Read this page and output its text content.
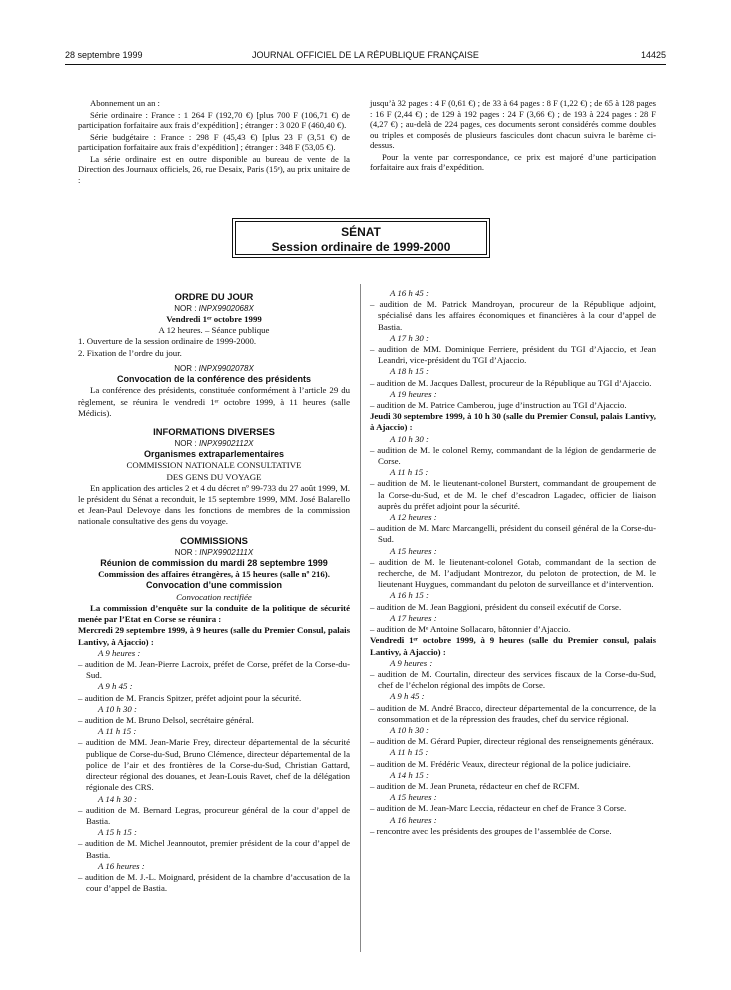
28 septembre 1999	JOURNAL OFFICIEL DE LA RÉPUBLIQUE FRANÇAISE	14425

Abonnement un an :

Série ordinaire : France : 1 264 F (192,70 €) [plus 700 F (106,71 €) de participation forfaitaire aux frais d’expédition] ; étranger : 3 020 F (460,40 €).

Série budgétaire : France : 298 F (45,43 €) [plus 23 F (3,51 €) de participation forfaitaire aux frais d’expédition] ; étranger : 348 F (53,05 €).

La série ordinaire est en outre disponible au bureau de vente de la Direction des Journaux officiels, 26, rue Desaix, Paris (15ᵉ), au prix unitaire de :

jusqu’à 32 pages : 4 F (0,61 €) ; de 33 à 64 pages : 8 F (1,22 €) ; de 65 à 128 pages : 16 F (2,44 €) ; de 129 à 192 pages : 24 F (3,66 €) ; de 193 à 224 pages : 28 F (4,27 €) ; au-delà de 224 pages, ces documents seront considérés comme doubles ou triples et composés de plusieurs fascicules dont chacun suivra le barème ci-dessus.

Pour la vente par correspondance, ce prix est majoré d’une participation forfaitaire aux frais d’expédition.

SÉNAT
Session ordinaire de 1999-2000
ORDRE DU JOUR
NOR : INPX9902068X
Vendredi 1ᵉʳ octobre 1999
A 12 heures. – Séance publique
1. Ouverture de la session ordinaire de 1999-2000.
2. Fixation de l’ordre du jour.
NOR : INPX9902078X
Convocation de la conférence des présidents
La conférence des présidents, constituée conformément à l’article 29 du règlement, se réunira le vendredi 1ᵉʳ octobre 1999, à 11 heures (salle Médicis).
INFORMATIONS DIVERSES
NOR : INPX9902112X
Organismes extraparlementaires
COMMISSION NATIONALE CONSULTATIVE
DES GENS DU VOYAGE
En application des articles 2 et 4 du décret nº 99-733 du 27 août 1999, M. le président du Sénat a reconduit, le 15 septembre 1999, MM. José Balarello et Jean-Paul Delevoye dans les fonctions de membres de la commission nationale consultative des gens du voyage.
COMMISSIONS
NOR : INPX9902111X
Réunion de commission du mardi 28 septembre 1999
Commission des affaires étrangères, à 15 heures (salle nº 216).
Convocation d’une commission
Convocation rectifiée
La commission d’enquête sur la conduite de la politique de sécurité menée par l’Etat en Corse se réunira :
Mercredi 29 septembre 1999, à 9 heures (salle du Premier Consul, palais Lantivy, à Ajaccio) :
A 9 heures :
– audition de M. Jean-Pierre Lacroix, préfet de Corse, préfet de la Corse-du-Sud.
A 9 h 45 :
– audition de M. Francis Spitzer, préfet adjoint pour la sécurité.
A 10 h 30 :
– audition de M. Bruno Delsol, secrétaire général.
A 11 h 15 :
– audition de MM. Jean-Marie Frey, directeur départemental de la sécurité publique de Corse-du-Sud, Bruno Clémence, directeur départemental de la police de l’air et des frontières de la Corse-du-Sud, Christian Gattard, directeur régional des douanes, et Jean-Louis Ravet, chef de la délégation régionale des CRS.
A 14 h 30 :
– audition de M. Bernard Legras, procureur général de la cour d’appel de Bastia.
A 15 h 15 :
– audition de M. Michel Jeannoutot, premier président de la cour d’appel de Bastia.
A 16 heures :
– audition de M. J.-L. Moignard, président de la chambre d’accusation de la cour d’appel de Bastia.
A 16 h 45 :
– audition de M. Patrick Mandroyan, procureur de la République adjoint, spécialisé dans les affaires économiques et financières à la cour d’appel de Bastia.
A 17 h 30 :
– audition de MM. Dominique Ferriere, président du TGI d’Ajaccio, et Jean Leandri, vice-président du TGI d’Ajaccio.
A 18 h 15 :
– audition de M. Jacques Dallest, procureur de la République au TGI d’Ajaccio.
A 19 heures :
– audition de M. Patrice Camberou, juge d’instruction au TGI d’Ajaccio.
Jeudi 30 septembre 1999, à 10 h 30 (salle du Premier Consul, palais Lantivy, à Ajaccio) :
A 10 h 30 :
– audition de M. le colonel Remy, commandant de la légion de gendarmerie de Corse.
A 11 h 15 :
– audition de M. le lieutenant-colonel Burstert, commandant de groupement de la Corse-du-Sud, et de M. le chef d’escadron Lagadec, officier de liaison auprès du préfet adjoint pour la sécurité.
A 12 heures :
– audition de M. Marc Marcangelli, président du conseil général de la Corse-du-Sud.
A 15 heures :
– audition de M. le lieutenant-colonel Gotab, commandant de la section de recherche, de M. l’adjudant Montrezor, du peloton de protection, de M. le lieutenant Huygues, commandant du peloton de surveillance et d’intervention.
A 16 h 15 :
– audition de M. Jean Baggioni, président du conseil exécutif de Corse.
A 17 heures :
– audition de Mᵉ Antoine Sollacaro, bâtonnier d’Ajaccio.
Vendredi 1ᵉʳ octobre 1999, à 9 heures (salle du Premier consul, palais Lantivy, à Ajaccio) :
A 9 heures :
– audition de M. Courtalin, directeur des services fiscaux de la Corse-du-Sud, chef de l’échelon régional des impôts de Corse.
A 9 h 45 :
– audition de M. André Bracco, directeur départemental de la concurrence, de la consommation et de la répression des fraudes, chef du service régional.
A 10 h 30 :
– audition de M. Gérard Pupier, directeur régional des renseignements généraux.
A 11 h 15 :
– audition de M. Frédéric Veaux, directeur régional de la police judiciaire.
A 14 h 15 :
– audition de M. Jean Pruneta, rédacteur en chef de RCFM.
A 15 heures :
– audition de M. Jean-Marc Leccia, rédacteur en chef de France 3 Corse.
A 16 heures :
– rencontre avec les présidents des groupes de l’assemblée de Corse.
